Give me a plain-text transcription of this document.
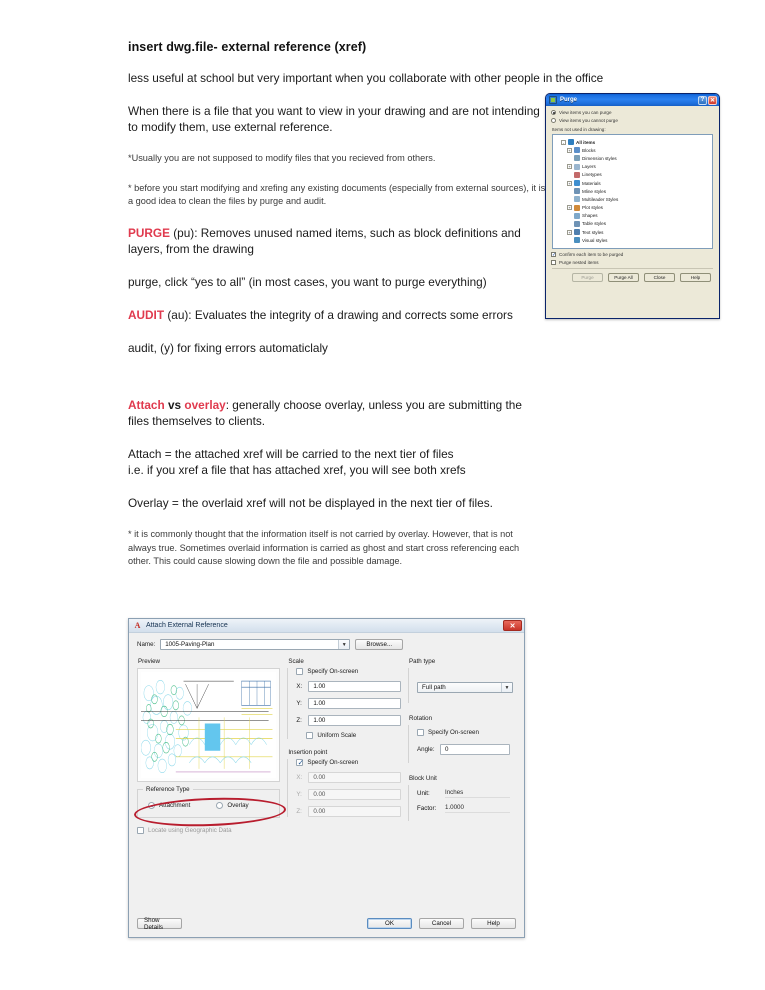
insert dwg.file- external reference (xref)

less useful at school but very important when you collaborate with other people in the office

When there is a file that you want to view in your drawing and are not intending to modify them, use external reference.

*Usually you are not supposed to modify files that you recieved from others.

* before you start modifying and xrefing any existing documents (especially from external sources), it is a good idea to clean the files by purge and audit.

PURGE (pu): Removes unused named items, such as block definitions and layers, from the drawing

purge, click “yes to all” (in most cases, you want to purge everything)

AUDIT (au): Evaluates the integrity of a drawing and corrects some errors

audit, (y) for fixing errors automaticlaly

Attach vs overlay: generally choose overlay, unless you are submitting the files themselves to clients.

Attach = the attached xref will be carried to the next tier of files
i.e. if you xref a file that has attached xref, you will see both xrefs

Overlay = the overlaid xref will not be displayed in the next tier of files.

* it is commonly thought that the information itself is not carried by overlay. However, that is not always true. Sometimes overlaid information is carried as ghost and start cross referencing each other. This could cause slowing down the file and possible damage.

Purge	? ✕
View items you can purge
View items you cannot purge
Items not used in drawing:
-	All items
+ Blocks
Dimension styles
+ Layers
Linetypes
+ Materials
Mline styles
Multileader Styles
+ Plot styles
Shapes
Table styles
+ Text styles
Visual styles
✓
Confirm each item to be purged
Purge nested items
Purge	Purge All	Close	Help
A
Attach External Reference	✕
Name: 1005-Paving-Plan	▼	Browse...
Preview
Reference Type
Attachment	Overlay
Locate using Geographic Data
Scale
Specify On-screen
X:	1.00
Y:	1.00
Z:	1.00
Uniform Scale
Insertion point
✓
Specify On-screen
X:	0.00
Y:	0.00
Z:	0.00
Path type
Full path	▼
Rotation
Specify On-screen
Angle:	0
Block Unit
Unit:	Inches
Factor:	1.0000
Show Details	OK	Cancel	Help
